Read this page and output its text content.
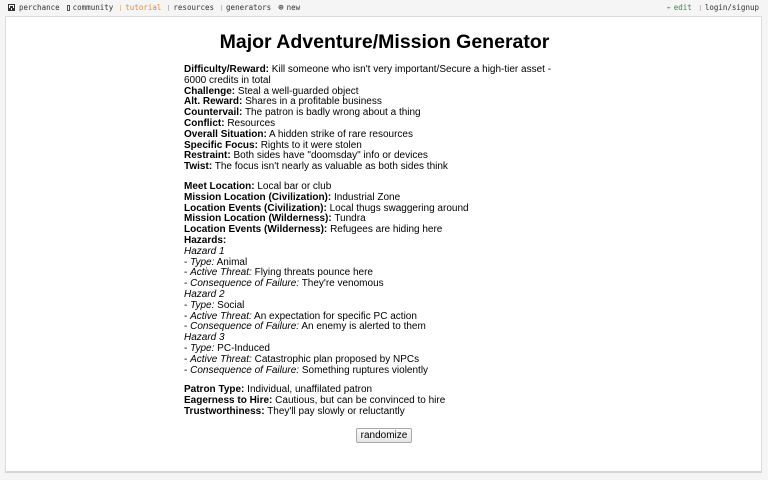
perchance community tutorial resources generators ⊕ new	✏ edit login/signup
Major Adventure/Mission Generator
Difficulty/Reward: Kill someone who isn't very important/Secure a high-tier asset - 6000 credits in total
Challenge: Steal a well-guarded object
Alt. Reward: Shares in a profitable business
Countervail: The patron is badly wrong about a thing
Conflict: Resources
Overall Situation: A hidden strike of rare resources
Specific Focus: Rights to it were stolen
Restraint: Both sides have "doomsday" info or devices
Twist: The focus isn't nearly as valuable as both sides think
Meet Location: Local bar or club
Mission Location (Civilization): Industrial Zone
Location Events (Civilization): Local thugs swaggering around
Mission Location (Wilderness): Tundra
Location Events (Wilderness): Refugees are hiding here
Hazards:
Hazard 1
- Type: Animal
- Active Threat: Flying threats pounce here
- Consequence of Failure: They're venomous
Hazard 2
- Type: Social
- Active Threat: An expectation for specific PC action
- Consequence of Failure: An enemy is alerted to them
Hazard 3
- Type: PC-Induced
- Active Threat: Catastrophic plan proposed by NPCs
- Consequence of Failure: Something ruptures violently
Patron Type: Individual, unaffilated patron
Eagerness to Hire: Cautious, but can be convinced to hire
Trustworthiness: They'll pay slowly or reluctantly
randomize
